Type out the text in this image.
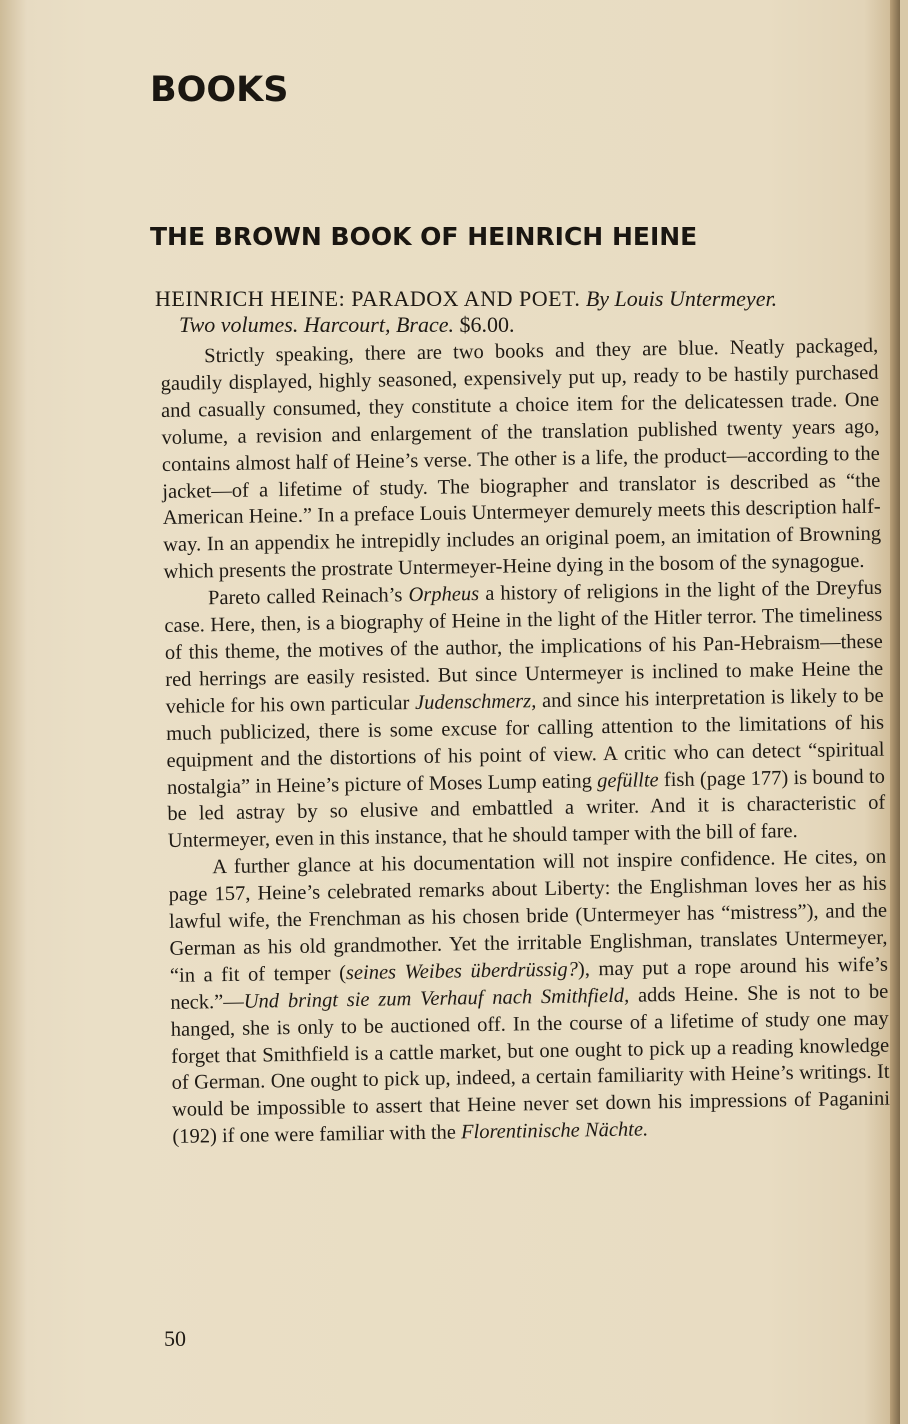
BOOKS
THE BROWN BOOK OF HEINRICH HEINE
HEINRICH HEINE: PARADOX AND POET. By Louis Untermeyer.
Two volumes. Harcourt, Brace. $6.00.

Strictly speaking, there are two books and they are blue. Neatly packaged, gaudily displayed, highly seasoned, expensively put up, ready to be hastily purchased and casually consumed, they constitute a choice item for the delicatessen trade. One volume, a revision and enlargement of the translation published twenty years ago, contains almost half of Heine’s verse. The other is a life, the product—according to the jacket—of a lifetime of study. The biographer and translator is described as “the American Heine.” In a preface Louis Untermeyer demurely meets this description half-way. In an appendix he intrepidly includes an original poem, an imitation of Browning which presents the prostrate Untermeyer-Heine dying in the bosom of the synagogue.

Pareto called Reinach’s Orpheus a history of religions in the light of the Dreyfus case. Here, then, is a biography of Heine in the light of the Hitler terror. The timeliness of this theme, the motives of the author, the implications of his Pan-Hebraism—these red herrings are easily resisted. But since Untermeyer is inclined to make Heine the vehicle for his own particular Judenschmerz, and since his interpretation is likely to be much publicized, there is some excuse for calling attention to the limitations of his equipment and the distortions of his point of view. A critic who can detect “spiritual nostalgia” in Heine’s picture of Moses Lump eating gefüllte fish (page 177) is bound to be led astray by so elusive and embattled a writer. And it is characteristic of Untermeyer, even in this instance, that he should tamper with the bill of fare.

A further glance at his documentation will not inspire confidence. He cites, on page 157, Heine’s celebrated remarks about Liberty: the Englishman loves her as his lawful wife, the Frenchman as his chosen bride (Untermeyer has “mistress”), and the German as his old grandmother. Yet the irritable Englishman, translates Untermeyer, “in a fit of temper (seines Weibes überdrüssig?), may put a rope around his wife’s neck.”—Und bringt sie zum Verhauf nach Smithfield, adds Heine. She is not to be hanged, she is only to be auctioned off. In the course of a lifetime of study one may forget that Smithfield is a cattle market, but one ought to pick up a reading knowledge of German. One ought to pick up, indeed, a certain familiarity with Heine’s writings. It would be impossible to assert that Heine never set down his impressions of Paganini (192) if one were familiar with the Florentinische Nächte.

50
